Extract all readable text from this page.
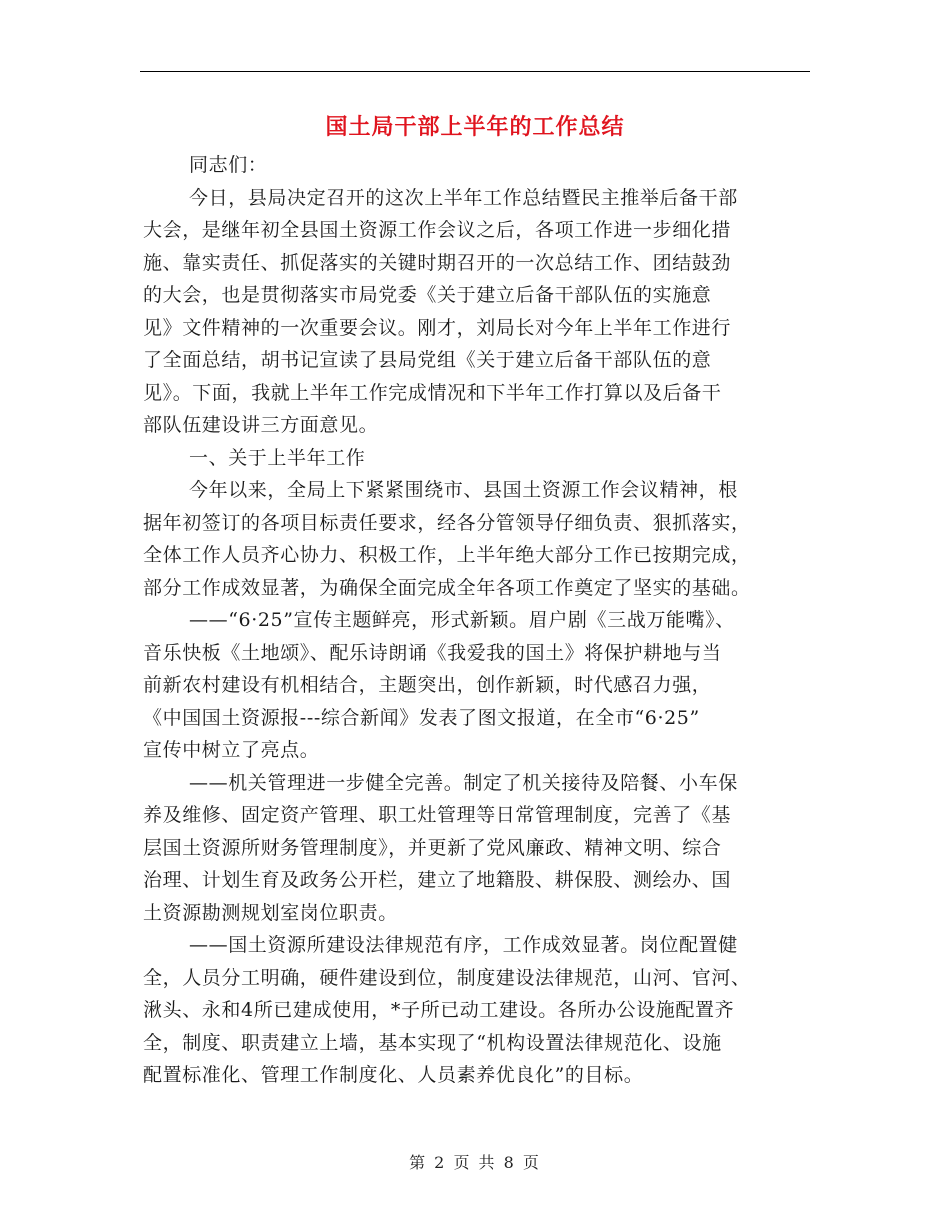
国土局干部上半年的工作总结
同志们：
今日，县局决定召开的这次上半年工作总结暨民主推举后备干部
大会，是继年初全县国土资源工作会议之后，各项工作进一步细化措
施、靠实责任、抓促落实的关键时期召开的一次总结工作、团结鼓劲
的大会，也是贯彻落实市局党委《关于建立后备干部队伍的实施意
见》文件精神的一次重要会议。刚才，刘局长对今年上半年工作进行
了全面总结，胡书记宣读了县局党组《关于建立后备干部队伍的意
见》。下面，我就上半年工作完成情况和下半年工作打算以及后备干
部队伍建设讲三方面意见。
一、关于上半年工作
今年以来，全局上下紧紧围绕市、县国土资源工作会议精神，根
据年初签订的各项目标责任要求，经各分管领导仔细负责、狠抓落实，
全体工作人员齐心协力、积极工作，上半年绝大部分工作已按期完成，
部分工作成效显著，为确保全面完成全年各项工作奠定了坚实的基础。
——“6·25”宣传主题鲜亮，形式新颖。眉户剧《三战万能嘴》、
音乐快板《土地颂》、配乐诗朗诵《我爱我的国土》将保护耕地与当
前新农村建设有机相结合，主题突出，创作新颖，时代感召力强，
《中国国土资源报---综合新闻》发表了图文报道，在全市“6·25”
宣传中树立了亮点。
——机关管理进一步健全完善。制定了机关接待及陪餐、小车保
养及维修、固定资产管理、职工灶管理等日常管理制度，完善了《基
层国土资源所财务管理制度》，并更新了党风廉政、精神文明、综合
治理、计划生育及政务公开栏，建立了地籍股、耕保股、测绘办、国
土资源勘测规划室岗位职责。
——国土资源所建设法律规范有序，工作成效显著。岗位配置健
全，人员分工明确，硬件建设到位，制度建设法律规范，山河、官河、
湫头、永和4所已建成使用，*子所已动工建设。各所办公设施配置齐
全，制度、职责建立上墙，基本实现了“机构设置法律规范化、设施
配置标准化、管理工作制度化、人员素养优良化”的目标。
第 2 页 共 8 页
